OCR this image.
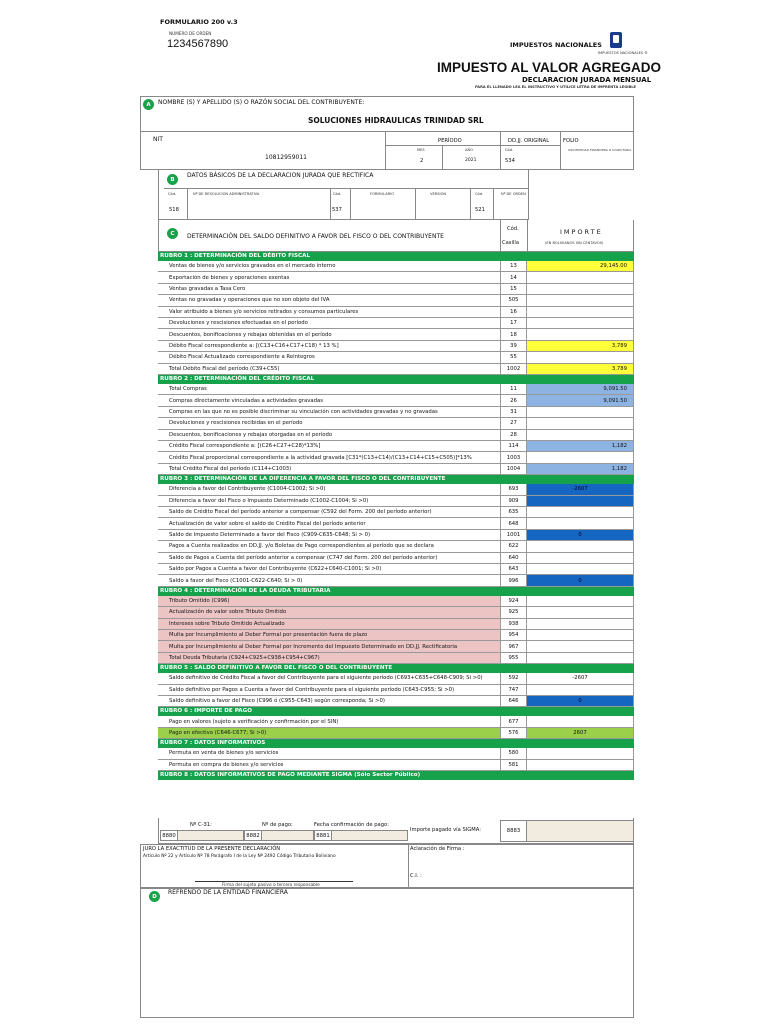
FORMULARIO 200 v.3
NUMERO DE ORDEN
1234567890	IMPUESTOS NACIONALES
IMPUESTOS NACIONALES ®
IMPUESTO AL VALOR AGREGADO
DECLARACION JURADA MENSUAL
PARA EL LLENADO LEA EL INSTRUCTIVO Y UTILICE LETRA DE IMPRENTA LEGIBLE
A	NOMBRE (S) Y APELLIDO (S) O RAZÓN SOCIAL DEL CONTRIBUYENTE:
SOLUCIONES HIDRAULICAS TRINIDAD SRL
NIT
10812959011
PERÍODO
MES	AÑO
2	2021
DD.JJ. ORIGINAL
Cód.
534
FOLIO
USO ENTIDAD FINANCIERA O COLECTURIA
B
DATOS BÁSICOS DE LA DECLARACION JURADA QUE RECTIFICA
Cód.	Nº DE RESOLUCIÓN ADMINISTRATIVA	Cód.	FORMULARIO	VERSIÓN	Cód.	Nº DE ORDEN
518	537	521
C	DETERMINACIÓN DEL SALDO DEFINITIVO A FAVOR DEL FISCO O DEL CONTRIBUYENTE
Cód.
Casilla
IMPORTE
(EN BOLIVIANOS SIN CENTAVOS)
RUBRO 1 : DETERMINACIÓN DEL DÉBITO FISCAL
Ventas de bienes y/o servicios gravados en el mercado interno	13	29,145.00
Exportación de bienes y operaciones exentas	14
Ventas gravadas a Tasa Cero	15
Ventas no gravadas y operaciones que no son objeto del IVA	505
Valor atribuido a bienes y/o servicios retirados y consumos particulares	16
Devoluciones y rescisiones efectuadas en el período	17
Descuentos, bonificaciones y rebajas obtenidas en el período	18
Débito Fiscal correspondiente a: [(C13+C16+C17+C18) * 13 %]	39	3,789
Débito Fiscal Actualizado correspondiente a Reintegros	55
Total Débito Fiscal del período (C39+C55)	1002	3,789
RUBRO 2 : DETERMINACIÓN DEL CRÉDITO FISCAL
Total Compras	11	9,091.50
Compras directamente vinculadas a actividades gravadas	26	9,091.50
Compras en las que no es posible discriminar su vinculación con actividades gravadas y no gravadas	31
Devoluciones y rescisiones recibidas en el período	27
Descuentos, bonificaciones y rebajas otorgadas en el período	28
Crédito Fiscal correspondiente a: [(C26+C27+C28)*13%]	114	1,182
Crédito Fiscal proporcional correspondiente a la actividad gravada [C31*(C13+C14)/(C13+C14+C15+C505)]*13%	1003
Total Crédito Fiscal del período (C114+C1003)	1004	1,182
RUBRO 3 : DETERMINACIÓN DE LA DIFERENCIA A FAVOR DEL FISCO O DEL CONTRIBUYENTE
Diferencia a favor del Contribuyente (C1004-C1002; Si >0)	693	-2607
Diferencia a favor del Fisco o Impuesto Determinado (C1002-C1004; Si >0)	909
Saldo de Crédito Fiscal del período anterior a compensar (C592 del Form. 200 del período anterior)	635
Actualización de valor sobre el saldo de Crédito Fiscal del período anterior	648
Saldo de Impuesto Determinado a favor del Fisco (C909-C635-C648; Si > 0)	1001	0
Pagos a Cuenta realizados en DD.JJ. y/o Boletas de Pago correspondientes al período que se declara	622
Saldo de Pagos a Cuenta del período anterior a compensar (C747 del Form. 200 del período anterior)	640
Saldo por Pagos a Cuenta a favor del Contribuyente (C622+C640-C1001; Si >0)	643
Saldo a favor del Fisco (C1001-C622-C640; Si > 0)	996	0
RUBRO 4 : DETERMINACIÓN DE LA DEUDA TRIBUTARIA
Tributo Omitido (C996)	924
Actualización de valor sobre Tributo Omitido	925
Intereses sobre Tributo Omitido Actualizado	938
Multa por Incumplimiento al Deber Formal por presentación fuera de plazo	954
Multa por Incumplimiento al Deber Formal por Incremento del Impuesto Determinado en DD.JJ. Rectificatoria	967
Total Deuda Tributaria (C924+C925+C938+C954+C967)	955
RUBRO 5 : SALDO DEFINITIVO A FAVOR DEL FISCO O DEL CONTRIBUYENTE
Saldo definitivo de Crédito Fiscal a favor del Contribuyente para el siguiente período (C693+C635+C648-C909; Si >0)	592	-2607
Saldo definitivo por Pagos a Cuenta a favor del Contribuyente para el siguiente período (C643-C955; Si >0)	747
Saldo definitivo a favor del Fisco (C996 ó (C955-C643) según corresponda; Si >0)	646	0
RUBRO 6 : IMPORTE DE PAGO
Pago en valores (sujeto a verificación y confirmación por el SIN)	677
Pago en efectivo (C646-C677; Si >0)	576	2607
RUBRO 7 : DATOS INFORMATIVOS
Permuta en venta de bienes y/o servicios	580
Permuta en compra de bienes y/o servicios	581
RUBRO 8 : DATOS INFORMATIVOS DE PAGO MEDIANTE SIGMA (Sólo Sector Público)
Nº C-31:	Nº de pago:	Fecha confirmación de pago:
Importe pagado vía SIGMA:
8880	8882	8881
8883
JURO LA EXACTITUD DE LA PRESENTE DECLARACIÓN
Artículo Nº 22 y Artículo Nº 78 Parágrafo I de la Ley Nº 2492 Código Tributario Boliviano
Aclaración de Firma :
C.I. :
Firma del sujeto pasivo o tercero responsable
D
REFRENDO DE LA ENTIDAD FINANCIERA
